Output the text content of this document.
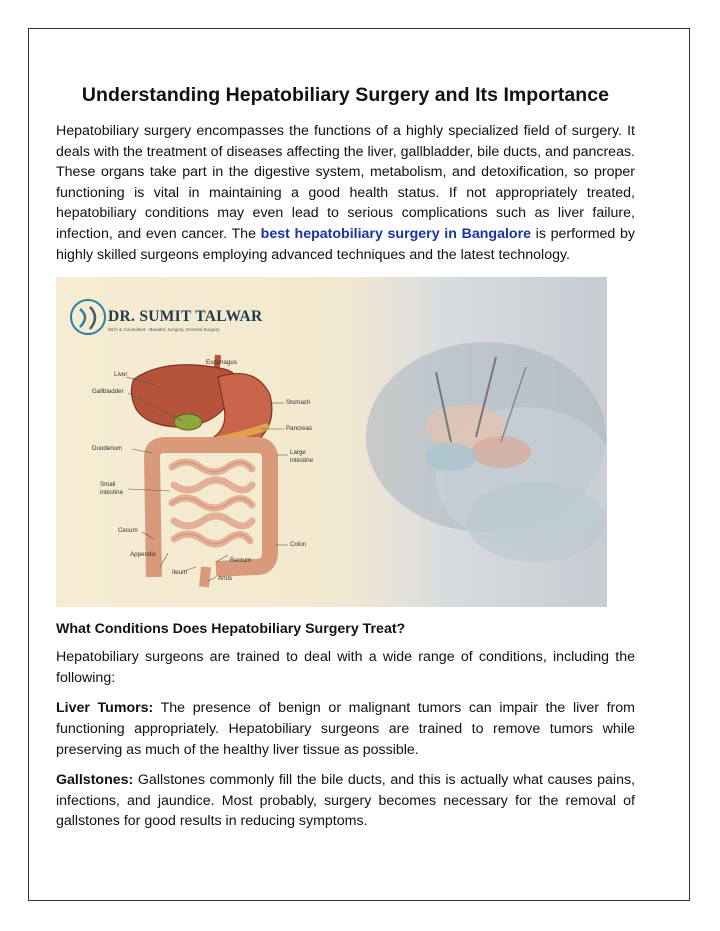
Understanding Hepatobiliary Surgery and Its Importance

Hepatobiliary surgery encompasses the functions of a highly specialized field of surgery. It deals with the treatment of diseases affecting the liver, gallbladder, bile ducts, and pancreas. These organs take part in the digestive system, metabolism, and detoxification, so proper functioning is vital in maintaining a good health status. If not appropriately treated, hepatobiliary conditions may even lead to serious complications such as liver failure, infection, and even cancer. The best hepatobiliary surgery in Bangalore is performed by highly skilled surgeons employing advanced techniques and the latest technology.

DR. SUMIT TALWAR
MCh & Consultant - Bariatric Surgery, General Surgery
Esophagus
Liver
Gallbladder
Stomach
Pancreas
Duodenum
Large
intestine
Small
intestine
Cecum
Colon
Appendix
Rectum
Ileum
Anus
What Conditions Does Hepatobiliary Surgery Treat?

Hepatobiliary surgeons are trained to deal with a wide range of conditions, including the following:

Liver Tumors: The presence of benign or malignant tumors can impair the liver from functioning appropriately. Hepatobiliary surgeons are trained to remove tumors while preserving as much of the healthy liver tissue as possible.

Gallstones: Gallstones commonly fill the bile ducts, and this is actually what causes pains, infections, and jaundice. Most probably, surgery becomes necessary for the removal of gallstones for good results in reducing symptoms.
